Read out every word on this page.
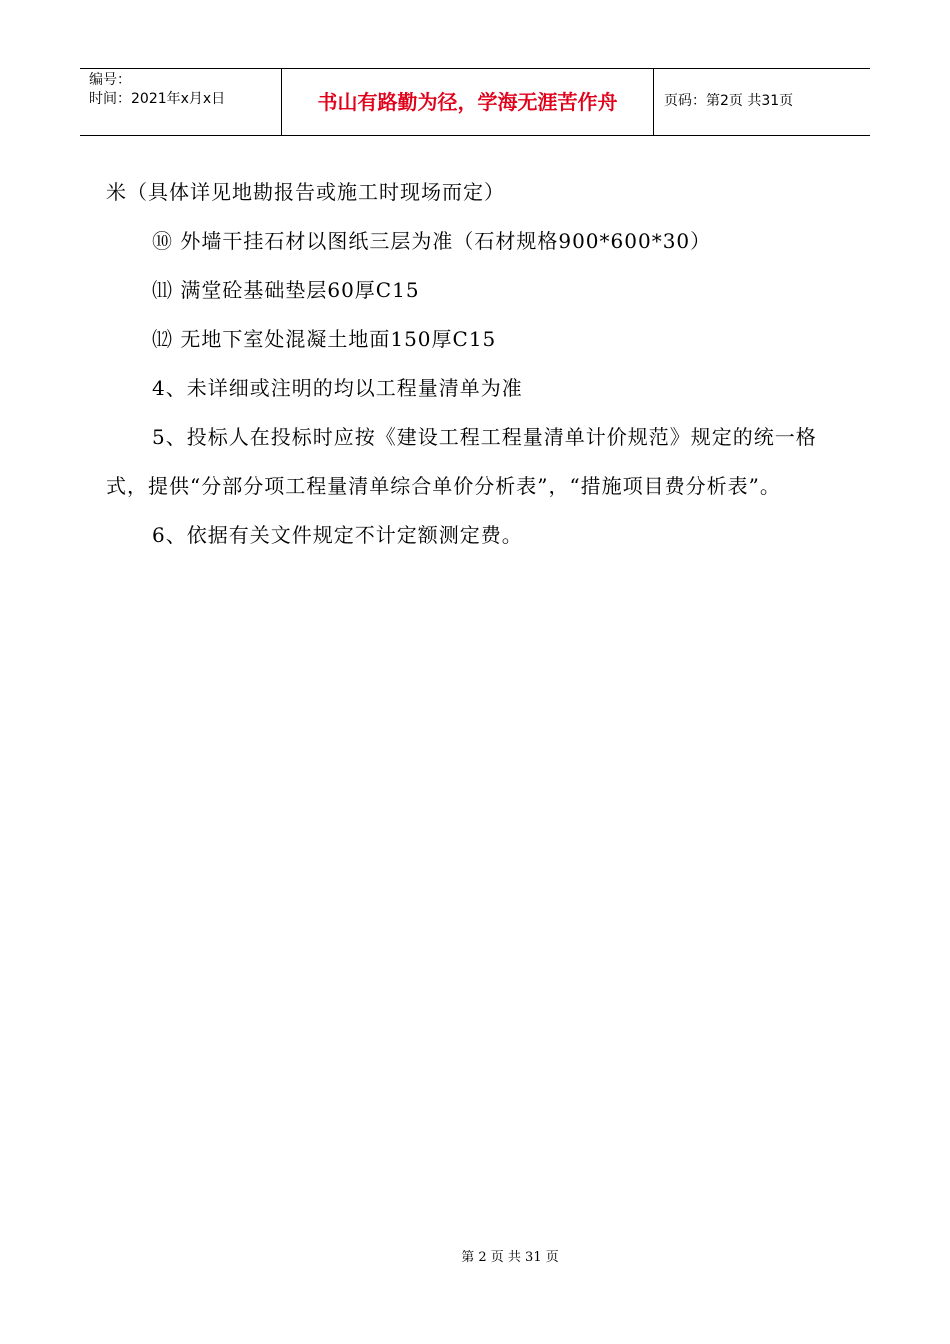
编号：
时间：2021年x月x日	书山有路勤为径，学海无涯苦作舟	页码：第2页 共31页

米（具体详见地勘报告或施工时现场而定）

⑩ 外墙干挂石材以图纸三层为准（石材规格900*600*30）

⑾ 满堂砼基础垫层60厚C15

⑿ 无地下室处混凝土地面150厚C15

4、未详细或注明的均以工程量清单为准

5、投标人在投标时应按《建设工程工程量清单计价规范》规定的统一格式，提供“分部分项工程量清单综合单价分析表”，“措施项目费分析表”。

6、依据有关文件规定不计定额测定费。

第 2 页 共 31 页
